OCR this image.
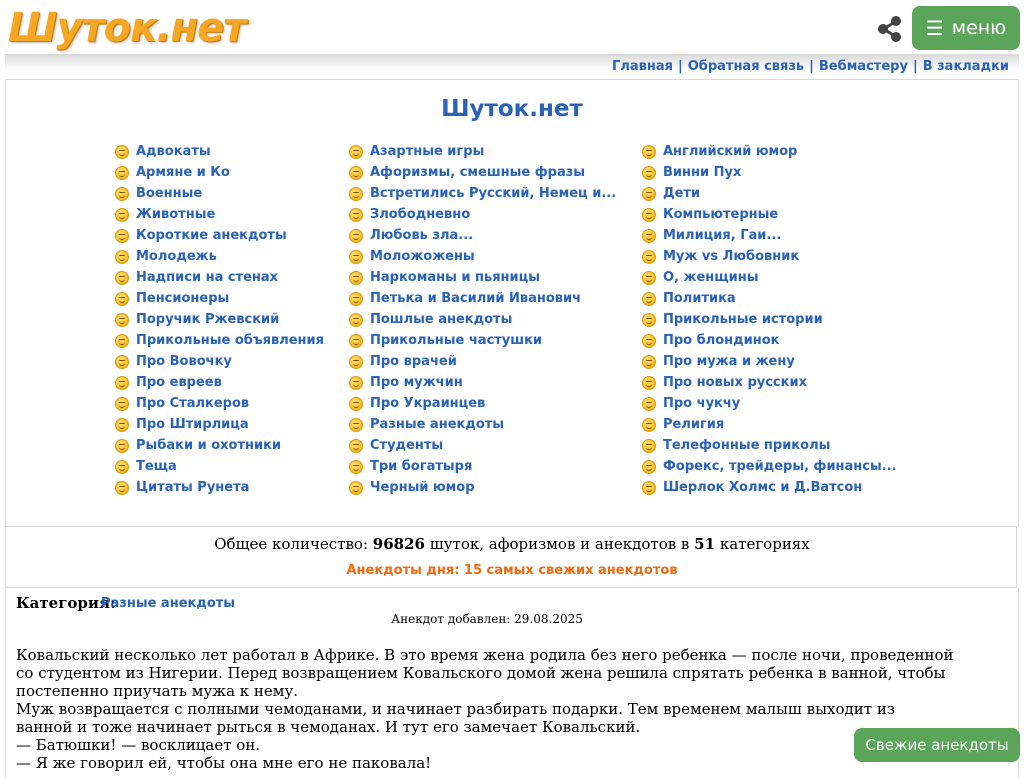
Шуток.нет	☰ меню
Главная | Обратная связь | Вебмастеру | В закладки
Шуток.нет
Адвокаты
Армяне и Ко
Военные
Животные
Короткие анекдоты
Молодежь
Надписи на стенах
Пенсионеры
Поручик Ржевский
Прикольные объявления
Про Вовочку
Про евреев
Про Сталкеров
Про Штирлица
Рыбаки и охотники
Теща
Цитаты Рунета
Азартные игры
Афоризмы, смешные фразы
Встретились Русский, Немец и...
Злободневно
Любовь зла...
Моложожены
Наркоманы и пьяницы
Петька и Василий Иванович
Пошлые анекдоты
Прикольные частушки
Про врачей
Про мужчин
Про Украинцев
Разные анекдоты
Студенты
Три богатыря
Черный юмор
Английский юмор
Винни Пух
Дети
Компьютерные
Милиция, Гаи...
Муж vs Любовник
О, женщины
Политика
Прикольные истории
Про блондинок
Про мужа и жену
Про новых русских
Про чукчу
Религия
Телефонные приколы
Форекс, трейдеры, финансы...
Шерлок Холмс и Д.Ватсон
Общее количество: 96826 шуток, афоризмов и анекдотов в 51 категориях
Анекдоты дня: 15 самых свежих анекдотов
Категория:
Разные анекдоты
Анекдот добавлен: 29.08.2025

Ковальский несколько лет работал в Африке. В это время жена родила без него ребенка — после ночи, проведенной со студентом из Нигерии. Перед возвращением Ковальского домой жена решила спрятать ребенка в ванной, чтобы постепенно приучать мужа к нему.

Муж возвращается с полными чемоданами, и начинает разбирать подарки. Тем временем малыш выходит из ванной и тоже начинает рыться в чемоданах. И тут его замечает Ковальский.

— Батюшки! — восклицает он.

— Я же говорил ей, чтобы она мне его не паковала!

Свежие анекдоты
